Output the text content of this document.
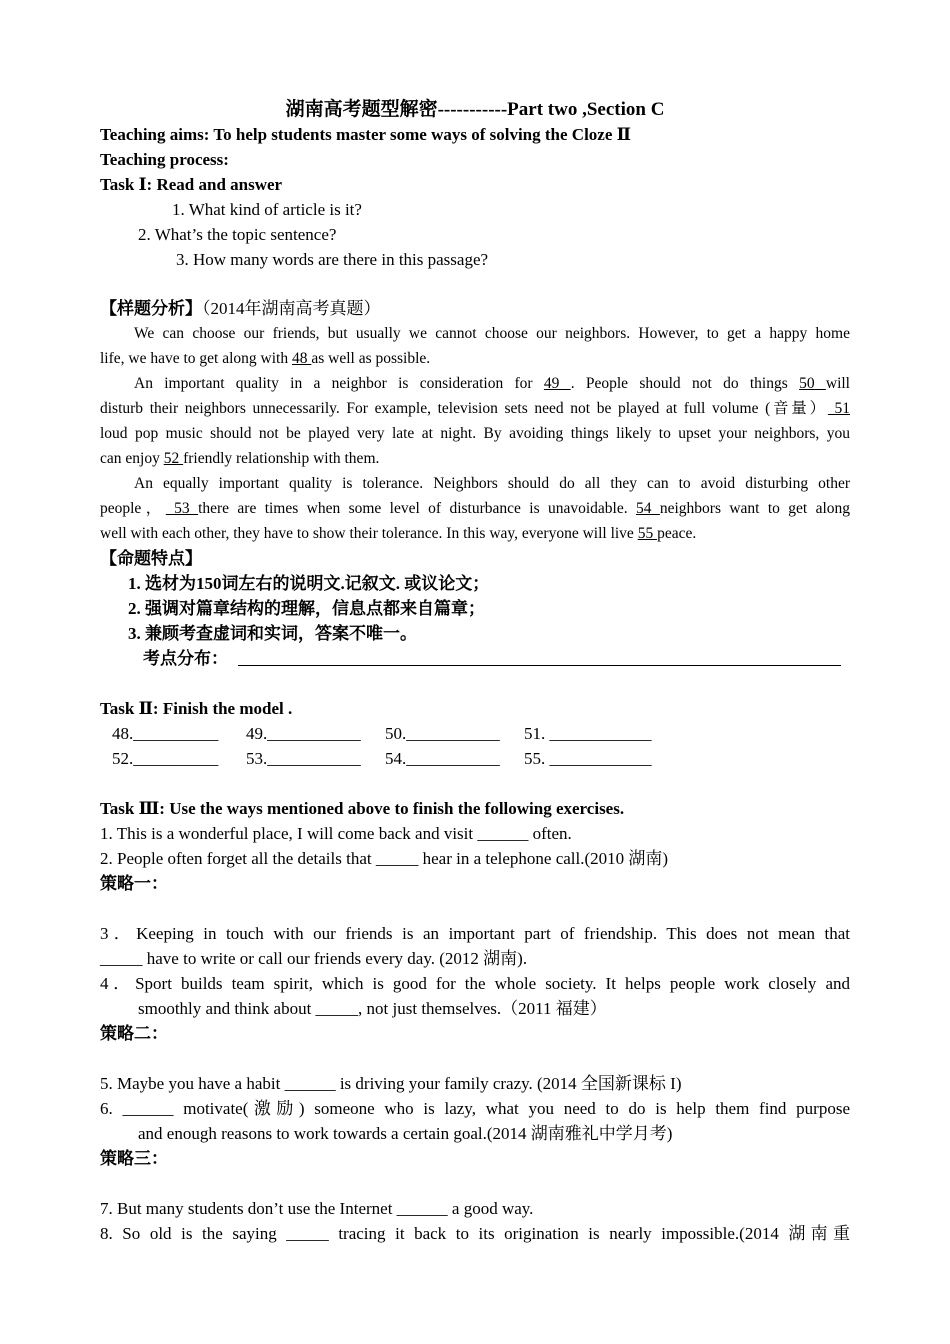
湖南高考题型解密-----------Part two ,Section C
Teaching aims: To help students master some ways of solving the Cloze Ⅱ
Teaching process:
Task Ⅰ: Read and answer
1. What kind of article is it?
2. What’s the topic sentence?
3. How many words are there in this passage?
【样题分析】（2014年湖南高考真题）
We can choose our friends, but usually we cannot choose our neighbors. However, to get a happy home
life, we have to get along with 48 as well as possible.
An important quality in a neighbor is consideration for 49 . People should not do things 50 will
disturb their neighbors unnecessarily. For example, television sets need not be played at full volume (音量） 51
loud pop music should not be played very late at night. By avoiding things likely to upset your neighbors, you
can enjoy 52 friendly relationship with them.
An equally important quality is tolerance. Neighbors should do all they can to avoid disturbing other
people， 53 there are times when some level of disturbance is unavoidable. 54 neighbors want to get along
well with each other, they have to show their tolerance. In this way, everyone will live 55 peace.
【命题特点】
1. 选材为150词左右的说明文.记叙文. 或议论文；
2. 强调对篇章结构的理解，信息点都来自篇章；
3. 兼顾考查虚词和实词，答案不唯一。
考点分布：
Task Ⅱ: Finish the model .
48.__________ 49.___________ 50.___________ 51. ____________
52.__________ 53.___________ 54.___________ 55. ____________
Task Ⅲ: Use the ways mentioned above to finish the following exercises.
1. This is a wonderful place, I will come back and visit ______ often.
2. People often forget all the details that _____ hear in a telephone call.(2010 湖南)
策略一：
3．Keeping in touch with our friends is an important part of friendship. This does not mean that
_____ have to write or call our friends every day. (2012 湖南).
4．Sport builds team spirit, which is good for the whole society. It helps people work closely and
smoothly and think about _____, not just themselves.（2011 福建）
策略二：
5. Maybe you have a habit ______ is driving your family crazy. (2014 全国新课标 I)
6. ______ motivate(激励) someone who is lazy, what you need to do is help them find purpose
and enough reasons to work towards a certain goal.(2014 湖南雅礼中学月考)
策略三：
7. But many students don’t use the Internet ______ a good way.
8. So old is the saying _____ tracing it back to its origination is nearly impossible.(2014 湖南重
